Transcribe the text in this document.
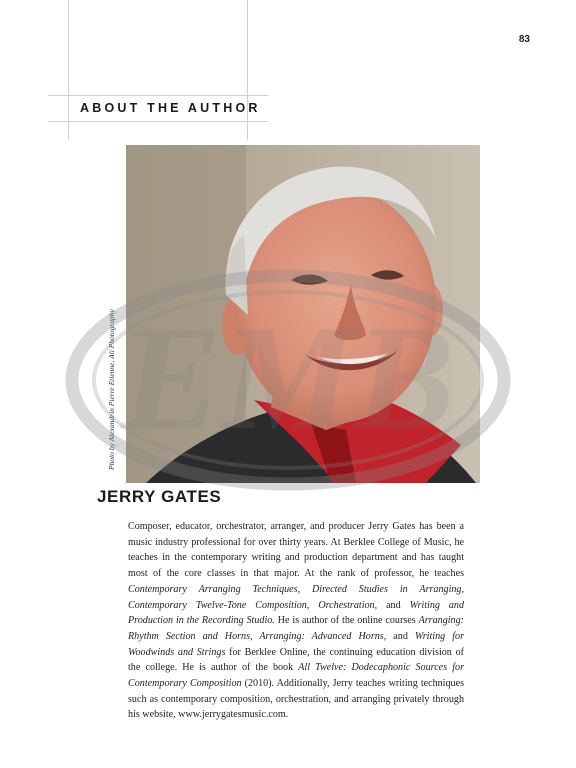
83
ABOUT THE AUTHOR
Photo by Alexandrin Pierre Etienne, Ali Photography
JERRY GATES
Composer, educator, orchestrator, arranger, and producer Jerry Gates has been a music industry professional for over thirty years. At Berklee College of Music, he teaches in the contemporary writing and production department and has taught most of the core classes in that major. At the rank of professor, he teaches Contemporary Arranging Techniques, Directed Studies in Arranging, Contemporary Twelve-Tone Composition, Orchestration, and Writing and Production in the Recording Studio. He is author of the online courses Arranging: Rhythm Section and Horns, Arranging: Advanced Horns, and Writing for Woodwinds and Strings for Berklee Online, the continuing education division of the college. He is author of the book All Twelve: Dodecaphonic Sources for Contemporary Composition (2010). Additionally, Jerry teaches writing techniques such as contemporary composition, orchestration, and arranging privately through his website, www.jerrygatesmusic.com.
